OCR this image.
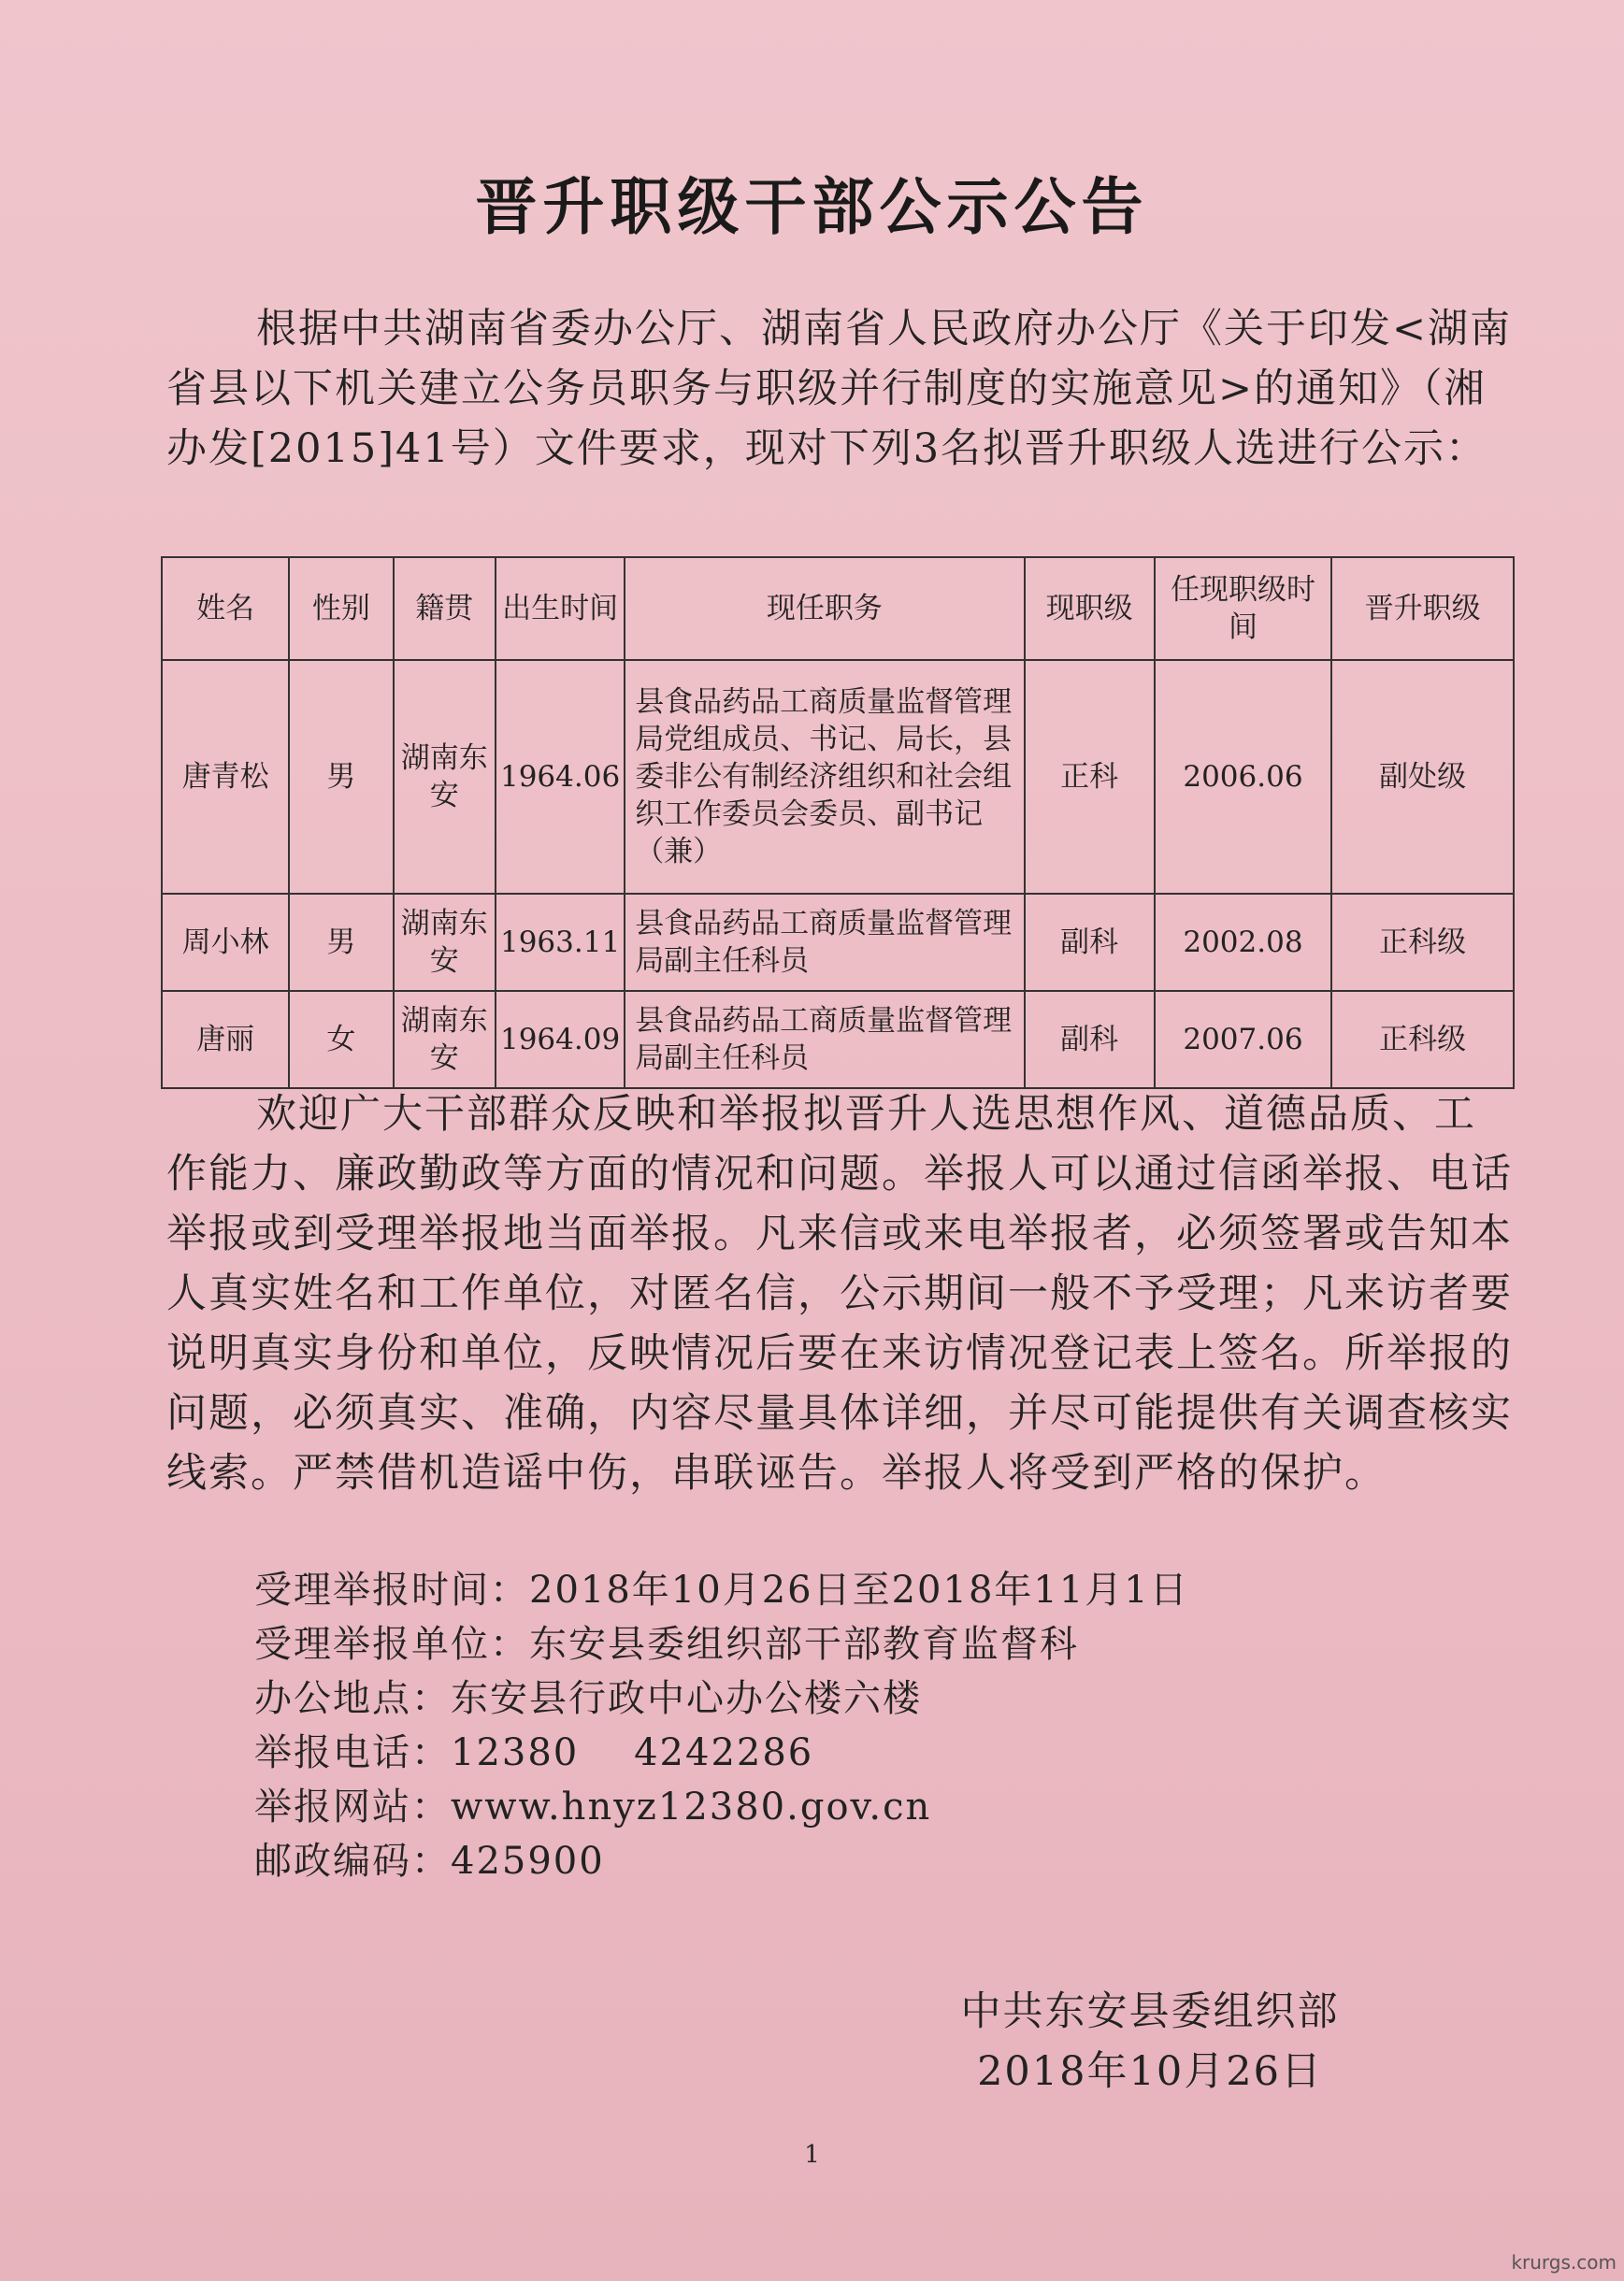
晋升职级干部公示公告

根据中共湖南省委办公厅、湖南省人民政府办公厅《关于印发<湖南省县以下机关建立公务员职务与职级并行制度的实施意见>的通知》（湘办发[2015]41号）文件要求，现对下列3名拟晋升职级人选进行公示：

姓名	性别	籍贯	出生时间	现任职务	现职级	任现职级时间	晋升职级
唐青松	男	湖南东安	1964.06	县食品药品工商质量监督管理局党组成员、书记、局长，县委非公有制经济组织和社会组织工作委员会委员、副书记（兼）	正科	2006.06	副处级
周小林	男	湖南东安	1963.11	县食品药品工商质量监督管理局副主任科员	副科	2002.08	正科级
唐丽	女	湖南东安	1964.09	县食品药品工商质量监督管理局副主任科员	副科	2007.06	正科级

欢迎广大干部群众反映和举报拟晋升人选思想作风、道德品质、工作能力、廉政勤政等方面的情况和问题。举报人可以通过信函举报、电话举报或到受理举报地当面举报。凡来信或来电举报者，必须签署或告知本人真实姓名和工作单位，对匿名信，公示期间一般不予受理；凡来访者要说明真实身份和单位，反映情况后要在来访情况登记表上签名。所举报的问题，必须真实、准确，内容尽量具体详细，并尽可能提供有关调查核实线索。严禁借机造谣中伤，串联诬告。举报人将受到严格的保护。

受理举报时间：2018年10月26日至2018年11月1日
受理举报单位：东安县委组织部干部教育监督科
办公地点：东安县行政中心办公楼六楼
举报电话：12380    4242286
举报网站：www.hnyz12380.gov.cn
邮政编码：425900
中共东安县委组织部
2018年10月26日
1
krurgs.com
